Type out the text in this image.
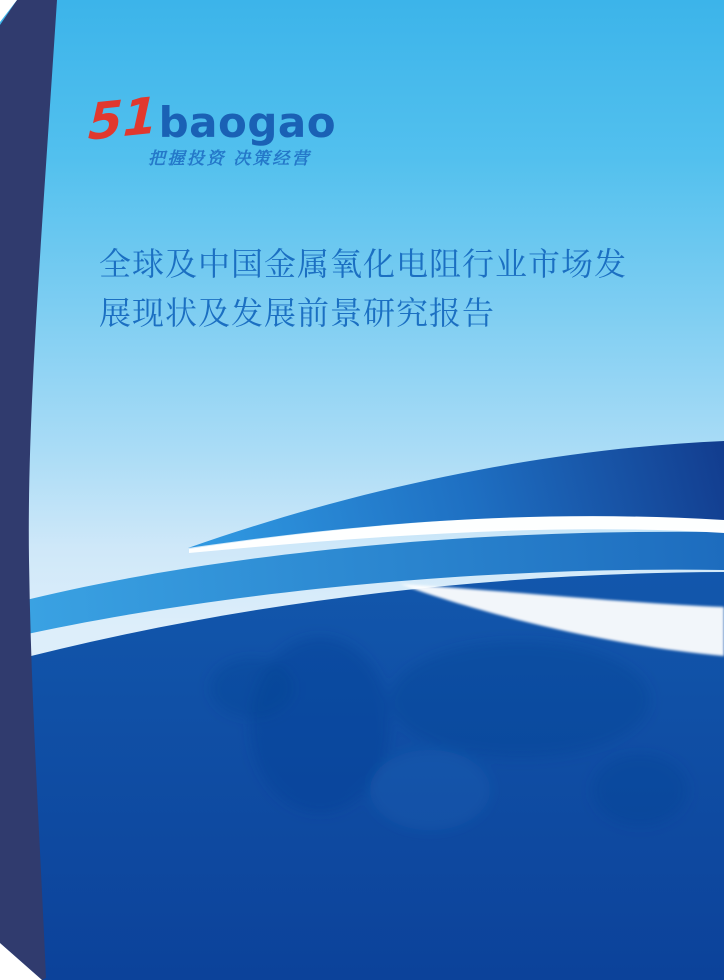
51 baogao
把握投资 决策经营
全球及中国金属氧化电阻行业市场发
展现状及发展前景研究报告
